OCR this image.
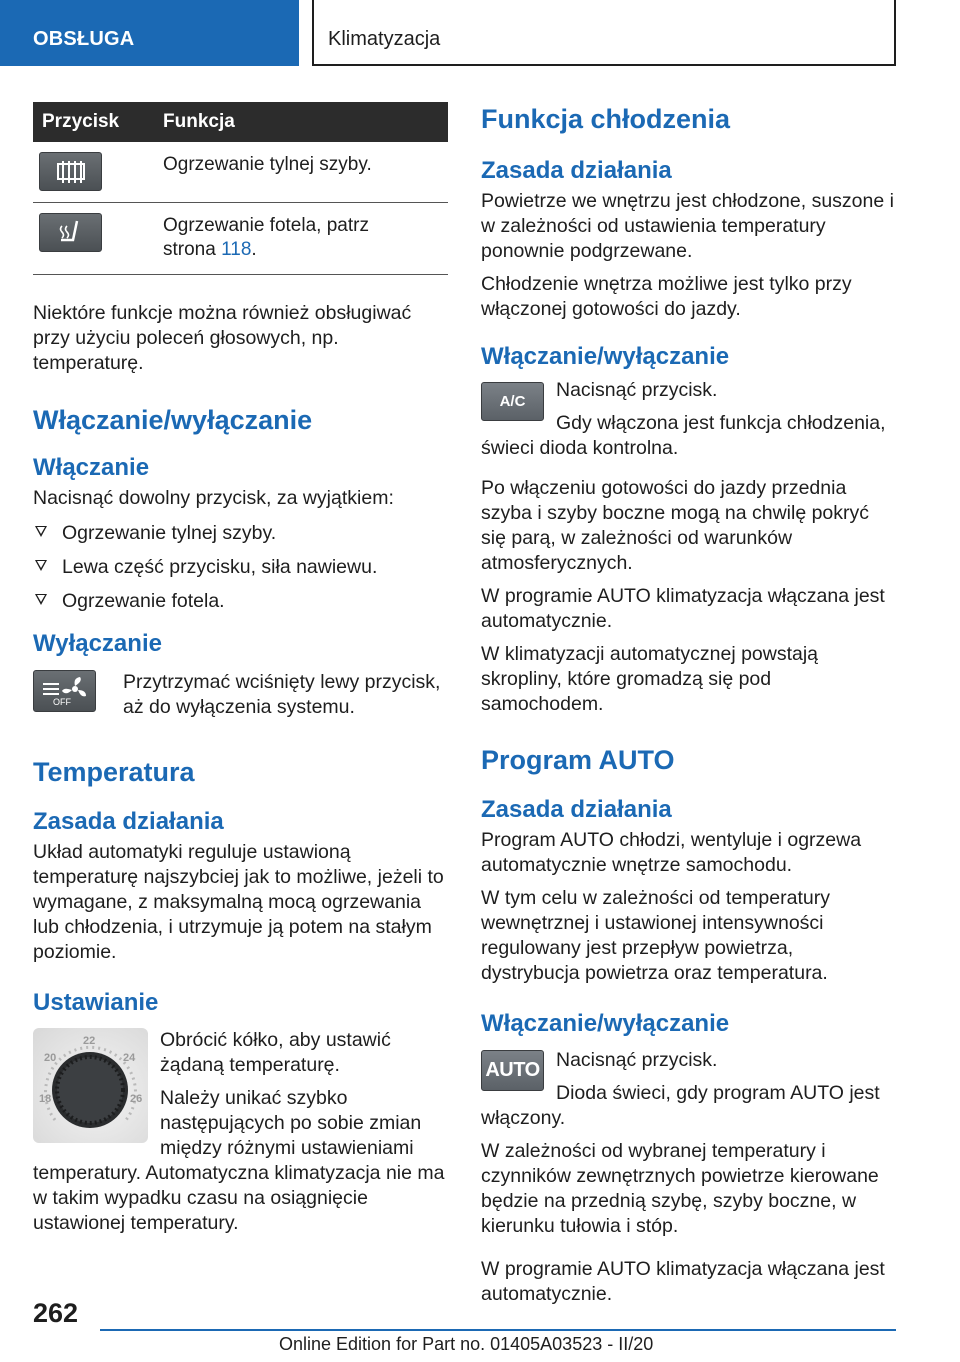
OBSŁUGA	Klimatyzacja
Przycisk	Funkcja

	Ogrzewanie tylnej szyby.

	Ogrzewanie fotela, patrz
strona 118.

Niektóre funkcje można również obsługiwać przy użyciu poleceń głosowych, np. temperaturę.

Włączanie/wyłączanie
Włączanie

Nacisnąć dowolny przycisk, za wyjątkiem:

Ogrzewanie tylnej szyby.
Lewa część przycisku, siła nawiewu.
Ogrzewanie fotela.
Wyłączanie
OFF

Przytrzymać wciśnięty lewy przycisk, aż do wyłączenia systemu.

Temperatura
Zasada działania

Układ automatyki reguluje ustawioną temperaturę najszybciej jak to możliwe, jeżeli to wymagane, z maksymalną mocą ogrzewania lub chłodzenia, i utrzymuje ją potem na stałym poziomie.

Ustawianie
18
20
22
24
26

Obrócić kółko, aby ustawić żądaną temperaturę.

Należy unikać szybko następujących po sobie zmian między różnymi ustawieniami temperatury. Automatyczna klimatyzacja nie ma w takim wypadku czasu na osiągnięcie ustawionej temperatury.

Funkcja chłodzenia
Zasada działania

Powietrze we wnętrzu jest chłodzone, suszone i w zależności od ustawienia temperatury ponownie podgrzewane.

Chłodzenie wnętrza możliwe jest tylko przy włączonej gotowości do jazdy.

Włączanie/wyłączanie
A/C

Nacisnąć przycisk.

Gdy włączona jest funkcja chłodzenia, świeci dioda kontrolna.

Po włączeniu gotowości do jazdy przednia szyba i szyby boczne mogą na chwilę pokryć się parą, w zależności od warunków atmosferycznych.

W programie AUTO klimatyzacja włączana jest automatycznie.

W klimatyzacji automatycznej powstają skropliny, które gromadzą się pod samochodem.

Program AUTO
Zasada działania

Program AUTO chłodzi, wentyluje i ogrzewa automatycznie wnętrze samochodu.

W tym celu w zależności od temperatury wewnętrznej i ustawionej intensywności regulowany jest przepływ powietrza, dystrybucja powietrza oraz temperatura.

Włączanie/wyłączanie
AUTO Nacisnąć przycisk.

Dioda świeci, gdy program AUTO jest włączony.

W zależności od wybranej temperatury i czynników zewnętrznych powietrze kierowane będzie na przednią szybę, szyby boczne, w kierunku tułowia i stóp.

W programie AUTO klimatyzacja włączana jest automatycznie.

262
Online Edition for Part no. 01405A03523 - II/20
